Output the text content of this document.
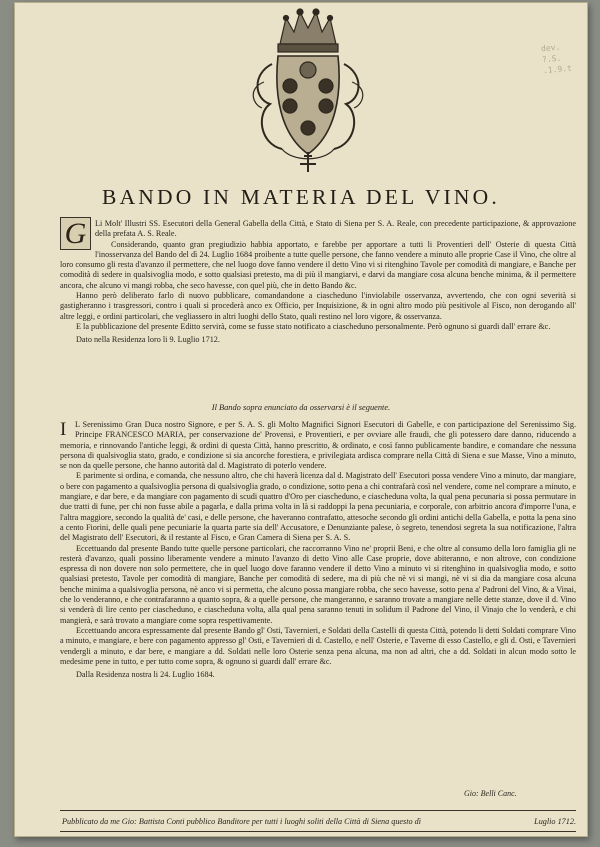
dev.
?.S.
.1.9.t
BANDO IN MATERIA DEL VINO.
G	Li Molt' Illustri SS. Esecutori della General Gabella della Città, e Stato di Siena per S. A. Reale, con precedente participazione, & approvazione della prefata A. S. Reale.

Considerando, quanto gran pregiudizio habbia apportato, e farebbe per apportare a tutti li Proventieri dell' Osterie di questa Città l'inosservanza del Bando del dì 24. Luglio 1684 proibente a tutte quelle persone, che fanno vendere a minuto alle proprie Case il Vino, che oltre al loro consumo gli resta d'avanzo il permettere, che nel luogo dove fanno vendere il detto Vino vi si ritenghino Tavole per comodità di mangiare, e Banche per comodità di sedere in qualsivoglia modo, e sotto qualsiasi pretesto, ma di più il mangiarvi, e darvi da mangiare cosa alcuna benche minima, & il permettere ancora, che alcuno vi mangi robba, che seco havesse, con quel più, che in detto Bando &c.

Hanno però deliberato farlo di nuovo pubblicare, comandandone a ciascheduno l'inviolabile osservanza, avvertendo, che con ogni severità si gastigheranno i trasgressori, contro i quali si procederà anco ex Officio, per Inquisizione, & in ogni altro modo più pesitivole al Fisco, non derogando all' altre leggi, e ordini particolari, che vegliassero in altri luoghi dello Stato, quali restino nel loro vigore, & osservanza.

E la pubblicazione del presente Editto servirà, come se fusse stato notificato a ciascheduno personalmente. Però ognuno si guardi dall' errare &c.

Dato nella Residenza loro li 9. Luglio 1712.

Il Bando sopra enunciato da osservarsi è il seguente.
I	L Serenissimo Gran Duca nostro Signore, e per S. A. S. gli Molto Magnifici Signori Esecutori di Gabelle, e con participazione del Serenissimo Sig. Principe FRANCESCO MARIA, per conservazione de' Provensi, e Proventieri, e per ovviare alle fraudi, che gli potessero dare danno, riducendo a memoria, e rinnovando l'antiche leggi, & ordini di questa Città, hanno prescritto, & ordinato, e così fanno publicamente bandire, e comandare che nessuna persona di qualsivoglia stato, grado, e condizione si sia ancorche forestiera, e privilegiata ardisca comprare nella Città di Siena e sue Masse, Vino a minuto, se non da quelle persone, che hanno autorità dal d. Magistrato di poterlo vendere.

E parimente si ordina, e comanda, che nessuno altro, che chi haverà licenza dal d. Magistrato dell' Esecutori possa vendere Vino a minuto, dar mangiare, o bere con pagamento a qualsivoglia persona di qualsivoglia grado, o condizione, sotto pena a chi contrafarà così nel vendere, come nel comprare a minuto, e mangiare, e dar bere, e da mangiare con pagamento di scudi quattro d'Oro per ciascheduno, e ciascheduna volta, la qual pena pecunaria si possa permutare in due tratti di fune, per chi non fusse abile a pagarla, e dalla prima volta in là si raddoppi la pena pecuniaria, e corporale, con arbitrio ancora d'imporre l'una, e l'altra maggiore, secondo la qualità de' casi, e delle persone, che haveranno contrafatto, attesoche secondo gli ordini antichi della Gabella, e potta la pena sino a cento Fiorini, delle quali pene pecuniarie la quarta parte sia dell' Accusatore, e Denunziante palese, ò segreto, tenendosi segreta la sua notificazione, l'altra del Magistrato dell' Esecutori, & il restante al Fisco, e Gran Camera di Siena per S. A. S.

Eccettuando dal presente Bando tutte quelle persone particolari, che raccorranno Vino ne' proprii Beni, e che oltre al consumo della loro famiglia gli ne resterà d'avanzo, quali possino liberamente vendere a minuto l'avanzo di detto Vino alle Case proprie, dove abiteranno, e non altrove, con condizione espressa di non dovere non solo permettere, che in quel luogo dove faranno vendere il detto Vino a minuto vi si ritenghino in qualsivoglia modo, e sotto qualsiasi pretesto, Tavole per comodità di mangiare, Banche per comodità di sedere, ma di più che nè vi si mangi, nè vi si dia da mangiare cosa alcuna benche minima a qualsivoglia persona, nè anco vi si permetta, che alcuno possa mangiare robba, che seco havesse, sotto pena a' Padroni del Vino, & a Vinai, che lo venderanno, e che contrafaranno a quanto sopra, & a quelle persone, che mangeranno, e saranno trovate a mangiare nelle dette stanze, dove il d. Vino si venderà di lire cento per ciascheduno, e ciascheduna volta, alla qual pena saranno tenuti in solidum il Padrone del Vino, il Vinajo che lo venderà, e chi mangierà, e sarà trovato a mangiare come sopra respettivamente.

Eccettuando ancora espressamente dal presente Bando gl' Osti, Tavernieri, e Soldati della Castelli di questa Città, potendo li detti Soldati comprare Vino a minuto, e mangiare, e bere con pagamento appresso gl' Osti, e Tavernieri di d. Castello, e nell' Osterie, e Taverne di esso Castello, e gli d. Osti, e Tavernieri vendergli a minuto, e dar bere, e mangiare a dd. Soldati nelle loro Osterie senza pena alcuna, ma non ad altri, che a dd. Soldati in alcun modo sotto le medesime pene in tutto, e per tutto come sopra, & ognuno si guardi dall' errare &c.

Dalla Residenza nostra li 24. Luglio 1684.

Gio: Belli Canc.
Pubblicato da me Gio: Battista Conti pubblico Banditore per tutti i luoghi soliti della Città di Siena questo dì	Luglio 1712.
